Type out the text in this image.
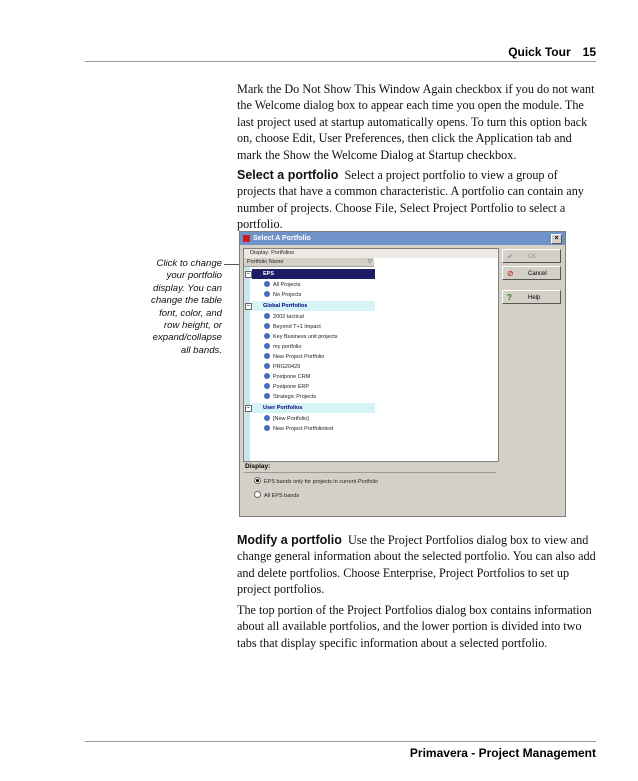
Quick Tour 15

Mark the Do Not Show This Window Again checkbox if you do not want the Welcome dialog box to appear each time you open the module. The last project used at startup automatically opens. To turn this option back on, choose Edit, User Preferences, then click the Application tab and mark the Show the Welcome Dialog at Startup checkbox.

Select a portfolio Select a project portfolio to view a group of projects that have a common characteristic. A portfolio can contain any number of projects. Choose File, Select Project Portfolio to select a portfolio.

Click to change your portfolio display. You can change the table font, color, and row height, or expand/collapse all bands.
Select A Portfolio	×
Display: Portfolios
Portfolio Name	▽
−	EPS
All Projects
No Projects
−	Global Portfolios
2002 tactical
Beyond T+1 Impact
Key Business unit projects
my portfolio
New Project Portfolio
PRG20429
Postpone CRM
Postpone ERP
Strategic Projects
−	User Portfolios
[New Portfolio]
New Project Portfoliotest
Display:
EPS bands only for projects in current Portfolio
All EPS bands
✔ OK
⊘ Cancel
?	Help

Modify a portfolio Use the Project Portfolios dialog box to view and change general information about the selected portfolio. You can also add and delete portfolios. Choose Enterprise, Project Portfolios to set up project portfolios.

The top portion of the Project Portfolios dialog box contains information about all available portfolios, and the lower portion is divided into two tabs that display specific information about a selected portfolio.

Primavera - Project Management
